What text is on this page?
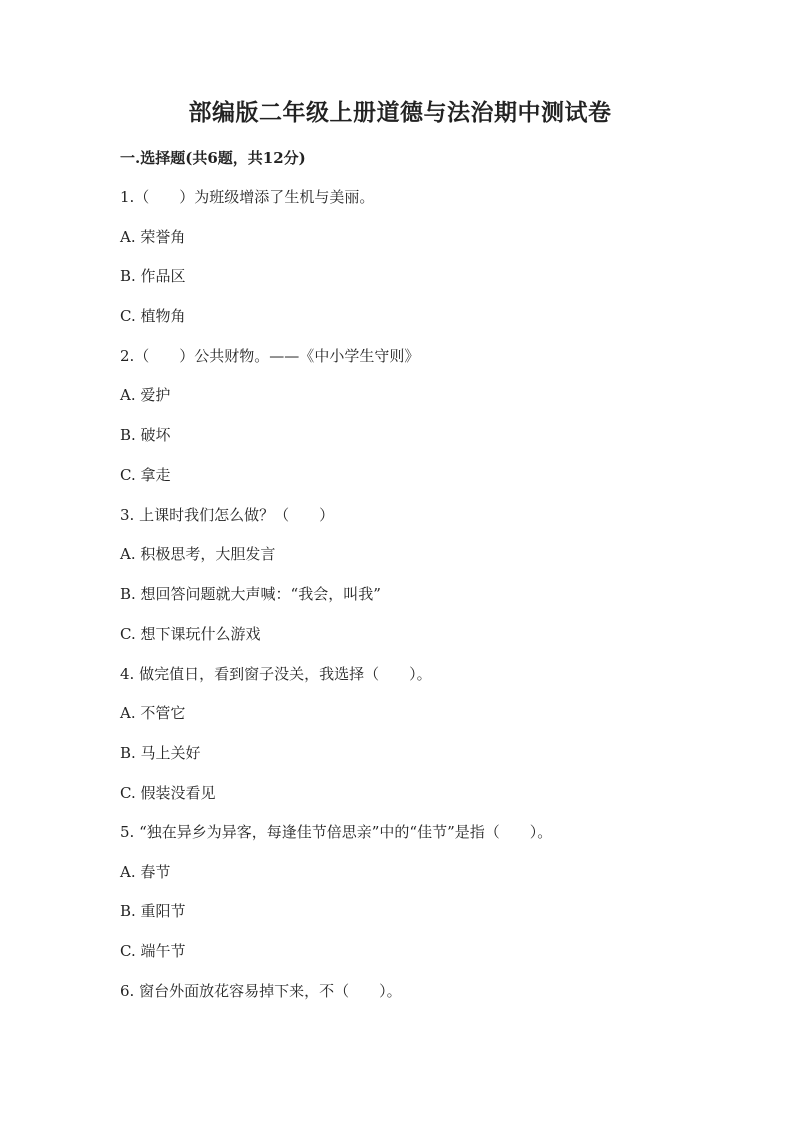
部编版二年级上册道德与法治期中测试卷
一.选择题(共6题，共12分)
1.（　　）为班级增添了生机与美丽。
A. 荣誉角
B. 作品区
C. 植物角
2.（　　）公共财物。——《中小学生守则》
A. 爱护
B. 破坏
C. 拿走
3. 上课时我们怎么做？（　　）
A. 积极思考，大胆发言
B. 想回答问题就大声喊：“我会，叫我”
C. 想下课玩什么游戏
4. 做完值日，看到窗子没关，我选择（　　）。
A. 不管它
B. 马上关好
C. 假装没看见
5. “独在异乡为异客，每逢佳节倍思亲”中的“佳节”是指（　　）。
A. 春节
B. 重阳节
C. 端午节
6. 窗台外面放花容易掉下来，不（　　）。
